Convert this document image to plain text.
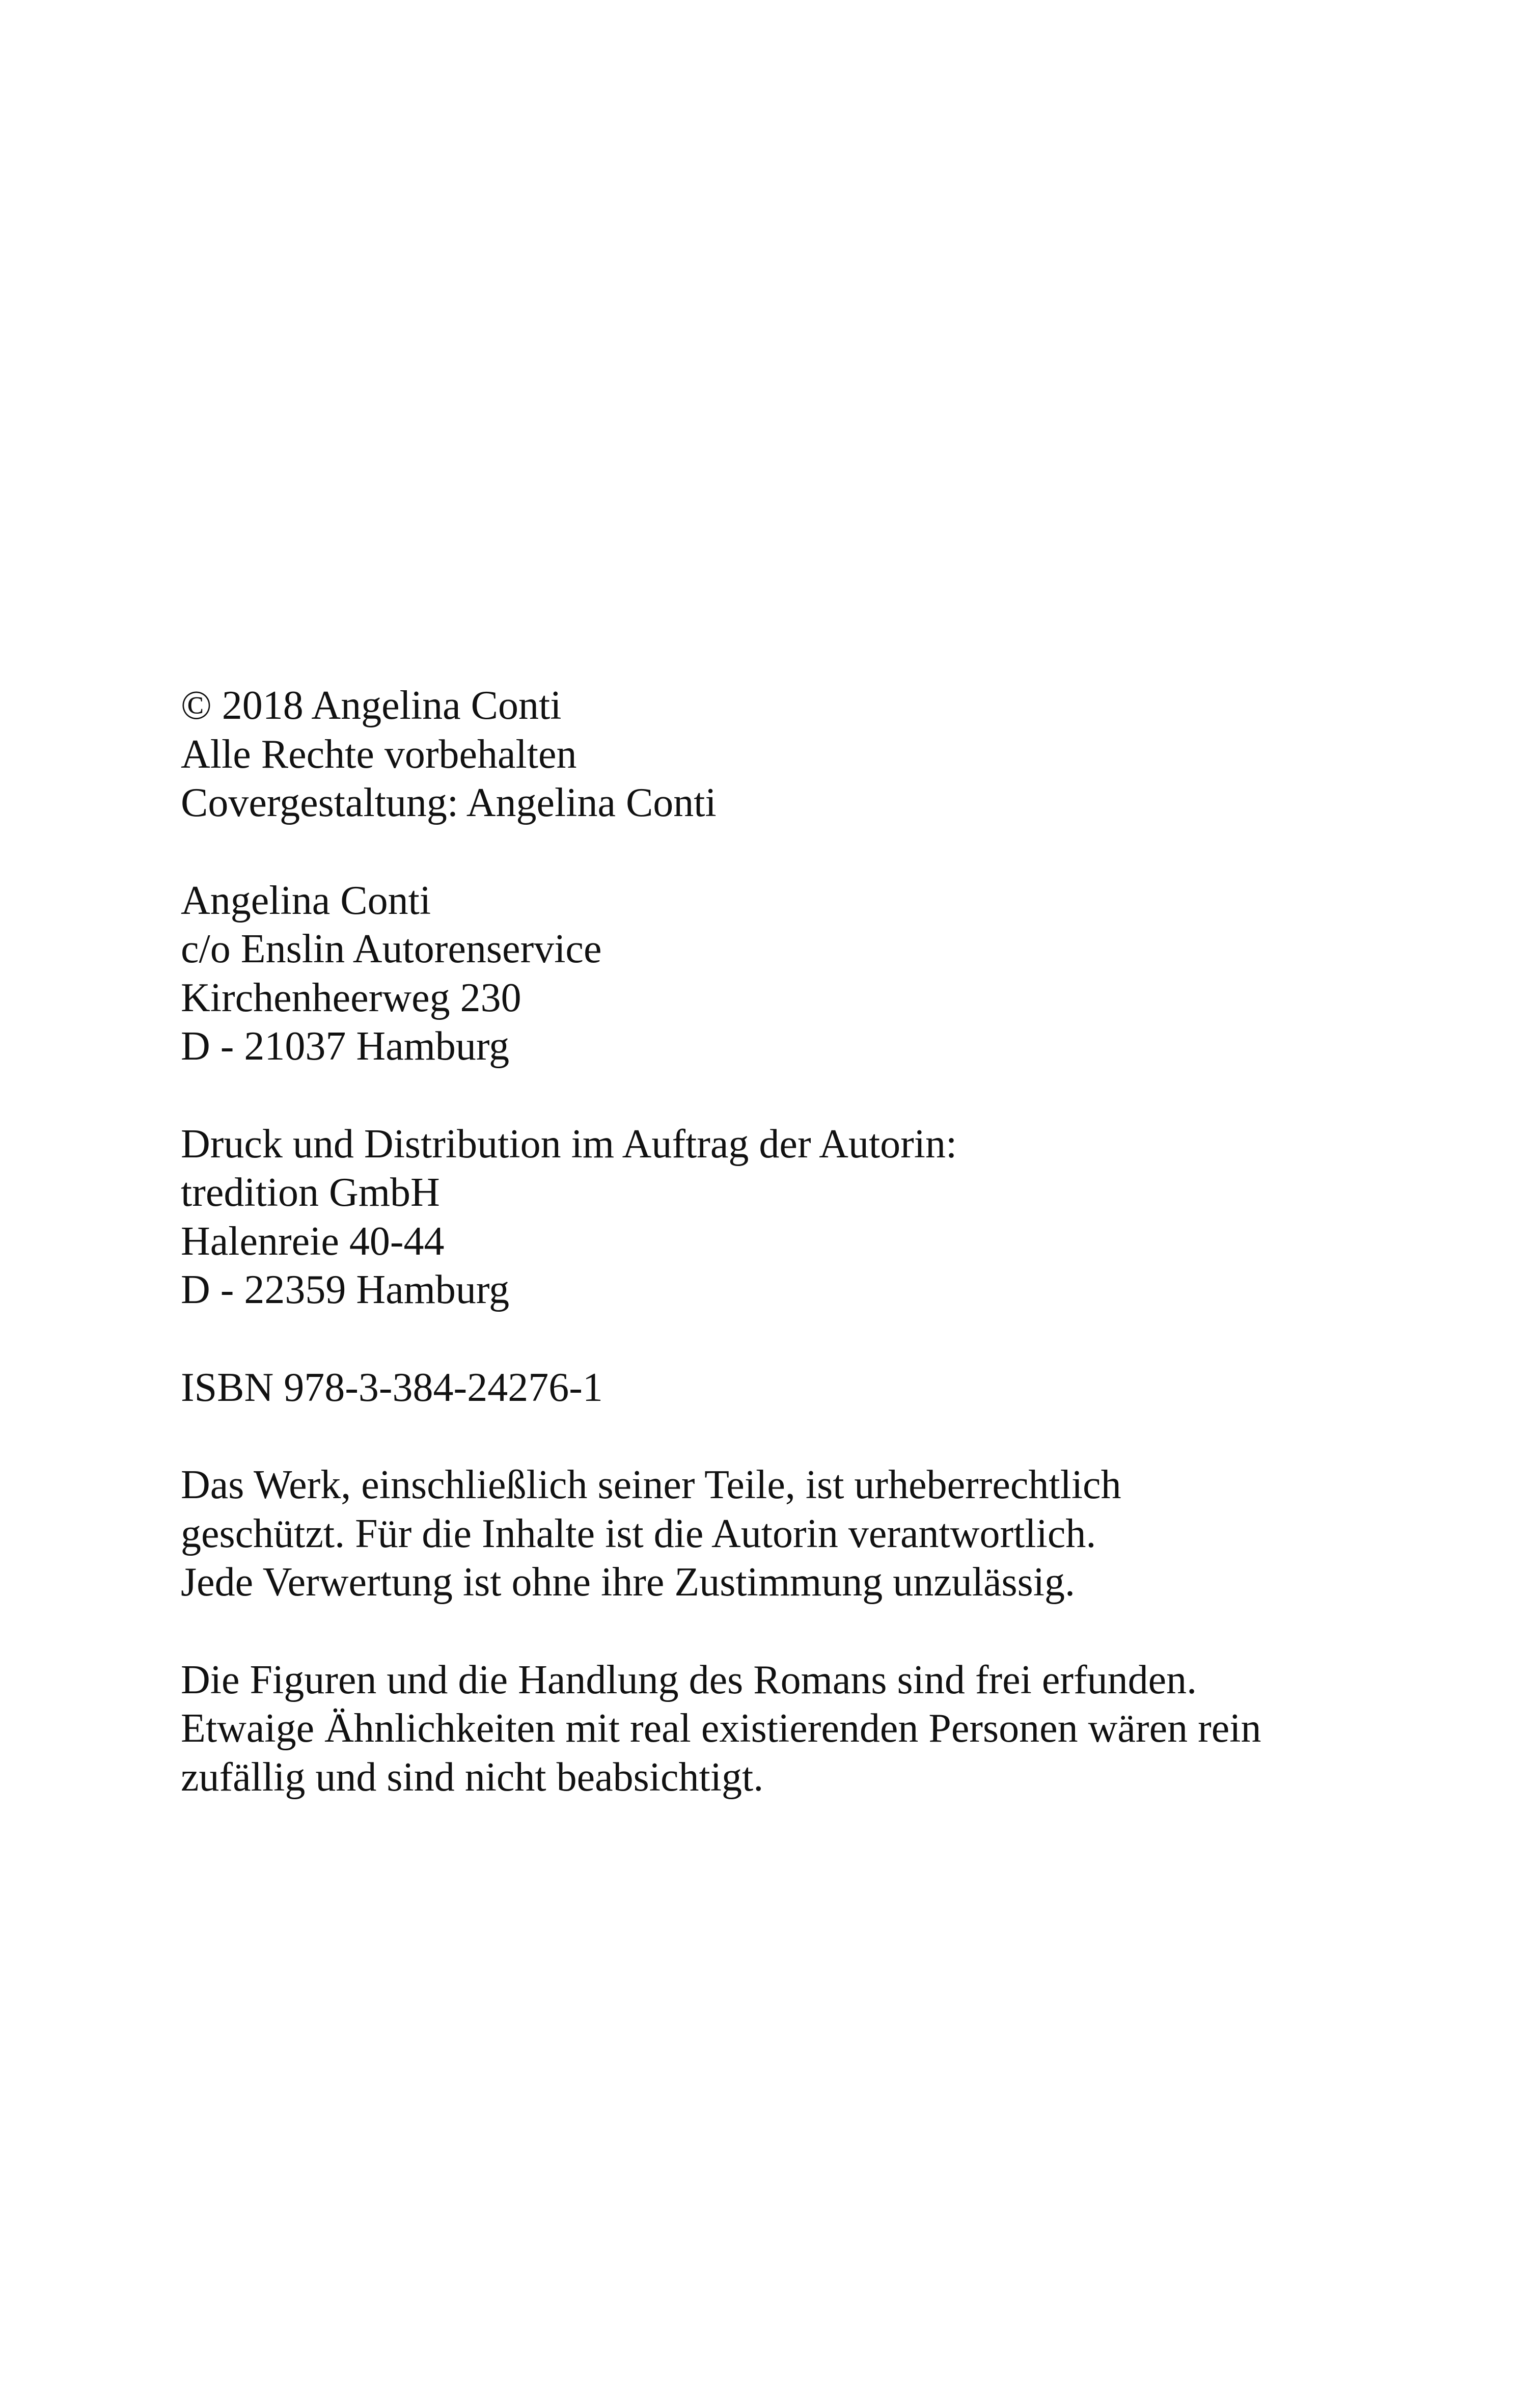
© 2018 Angelina Conti
Alle Rechte vorbehalten
Covergestaltung: Angelina Conti

Angelina Conti
c/o Enslin Autorenservice
Kirchenheerweg 230
D - 21037 Hamburg

Druck und Distribution im Auftrag der Autorin:
tredition GmbH
Halenreie 40-44
D - 22359 Hamburg

ISBN 978-3-384-24276-1

Das Werk, einschließlich seiner Teile, ist urheberrechtlich
geschützt. Für die Inhalte ist die Autorin verantwortlich.
Jede Verwertung ist ohne ihre Zustimmung unzulässig.

Die Figuren und die Handlung des Romans sind frei erfunden.
Etwaige Ähnlichkeiten mit real existierenden Personen wären rein
zufällig und sind nicht beabsichtigt.
